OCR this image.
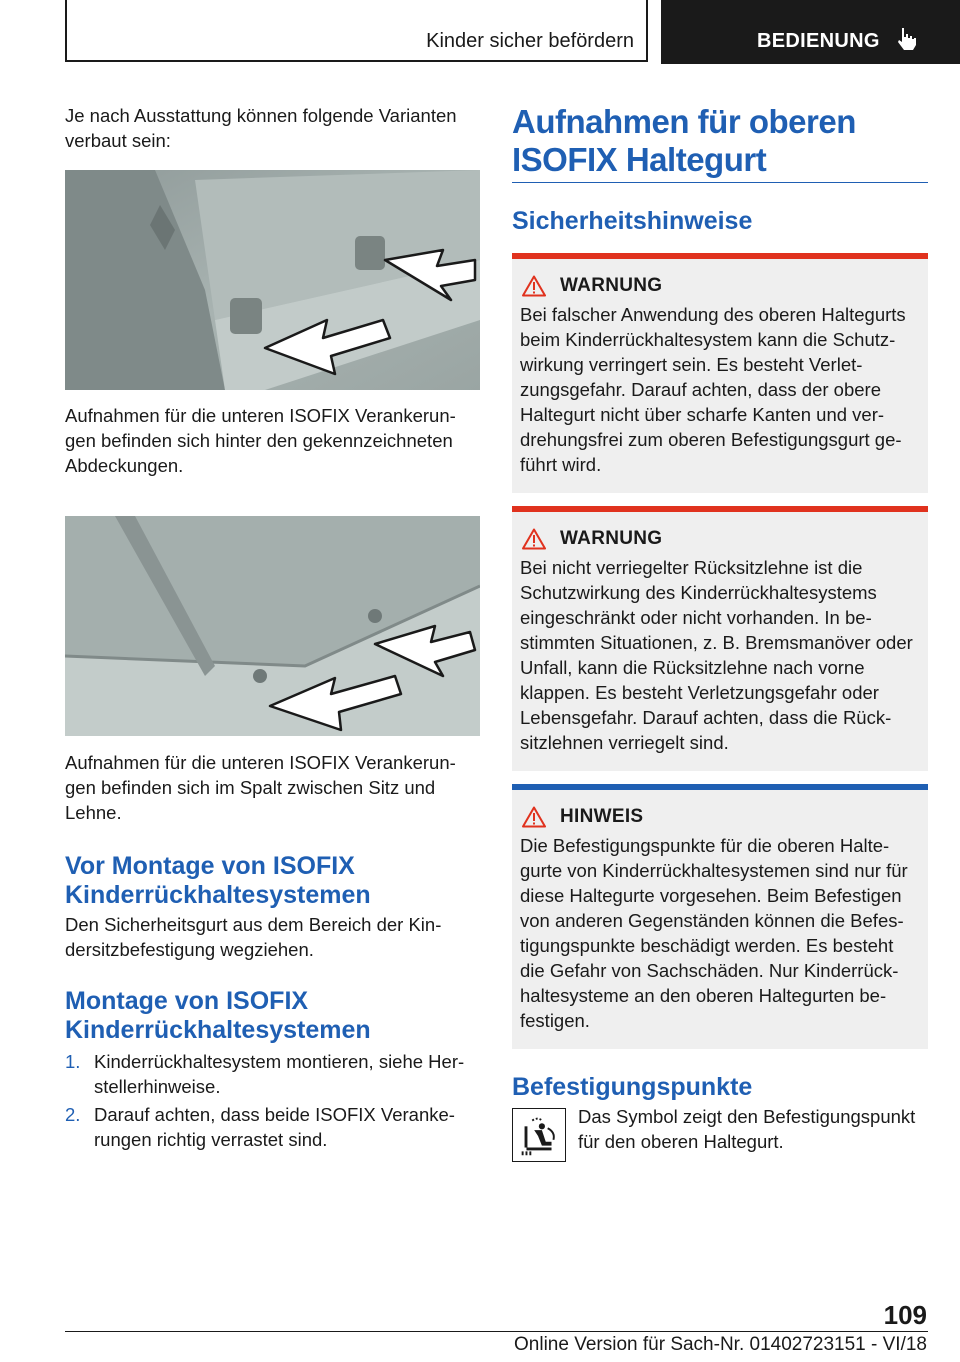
Kinder sicher befördern	BEDIENUNG

Je nach Ausstattung können folgende Varianten verbaut sein:

Aufnahmen für die unteren ISOFIX Verankerungen befinden sich hinter den gekennzeichneten Abdeckungen.

Aufnahmen für die unteren ISOFIX Verankerungen befinden sich im Spalt zwischen Sitz und Lehne.

Vor Montage von ISOFIX Kinderrückhaltesystemen

Den Sicherheitsgurt aus dem Bereich der Kindersitzbefestigung wegziehen.

Montage von ISOFIX Kinderrückhaltesystemen
1. Kinderrückhaltesystem montieren, siehe Herstellerhinweise.
2. Darauf achten, dass beide ISOFIX Verankerungen richtig verrastet sind.
Aufnahmen für oberen ISOFIX Haltegurt
Sicherheitshinweise
WARNUNG

Bei falscher Anwendung des oberen Haltegurts beim Kinderrückhaltesystem kann die Schutzwirkung verringert sein. Es besteht Verletzungsgefahr. Darauf achten, dass der obere Haltegurt nicht über scharfe Kanten und verdrehungsfrei zum oberen Befestigungsgurt geführt wird.

WARNUNG

Bei nicht verriegelter Rücksitzlehne ist die Schutzwirkung des Kinderrückhaltesystems eingeschränkt oder nicht vorhanden. In bestimmten Situationen, z. B. Bremsmanöver oder Unfall, kann die Rücksitzlehne nach vorne klappen. Es besteht Verletzungsgefahr oder Lebensgefahr. Darauf achten, dass die Rücksitzlehnen verriegelt sind.

HINWEIS

Die Befestigungspunkte für die oberen Haltegurte von Kinderrückhaltesystemen sind nur für diese Haltegurte vorgesehen. Beim Befestigen von anderen Gegenständen können die Befestigungspunkte beschädigt werden. Es besteht die Gefahr von Sachschäden. Nur Kinderrückhaltesysteme an den oberen Haltegurten befestigen.

Befestigungspunkte

Das Symbol zeigt den Befestigungspunkt für den oberen Haltegurt.

109
Online Version für Sach-Nr. 01402723151 - VI/18
